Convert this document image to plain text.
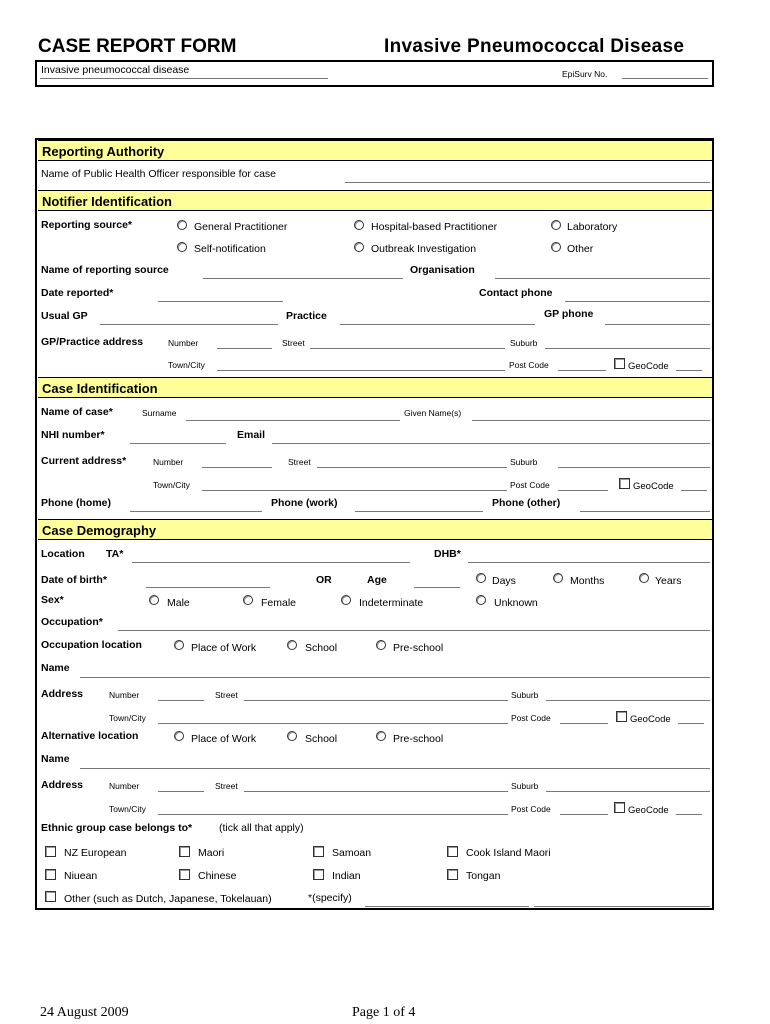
CASE REPORT FORM	Invasive Pneumococcal Disease
Invasive pneumococcal disease	EpiSurv No.
Reporting Authority
Name of Public Health Officer responsible for case
Notifier Identification
Reporting source*	General Practitioner	Hospital-based Practitioner	Laboratory
Self-notification	Outbreak Investigation	Other
Name of reporting source	Organisation
Date reported*	Contact phone
Usual GP	Practice	GP phone
GP/Practice address	Number	Street	Suburb
Town/City	Post Code	GeoCode
Case Identification
Name of case*	Surname	Given Name(s)
NHI number*	Email
Current address*	Number	Street	Suburb
Town/City	Post Code	GeoCode
Phone (home)	Phone (work)	Phone (other)
Case Demography
Location TA*	DHB*
Date of birth*	OR	Age	Days	Months	Years
Sex*	Male	Female	Indeterminate	Unknown
Occupation*
Occupation location	Place of Work	School	Pre-school
Name
Address	Number	Street	Suburb
Town/City	Post Code	GeoCode
Alternative location	Place of Work	School	Pre-school
Name
Address	Number	Street	Suburb
Town/City	Post Code	GeoCode
Ethnic group case belongs to*	(tick all that apply)
NZ European	Maori	Samoan	Cook Island Maori
Niuean	Chinese	Indian	Tongan
Other (such as Dutch, Japanese, Tokelauan)	*(specify)
24 August 2009	Page 1 of 4
